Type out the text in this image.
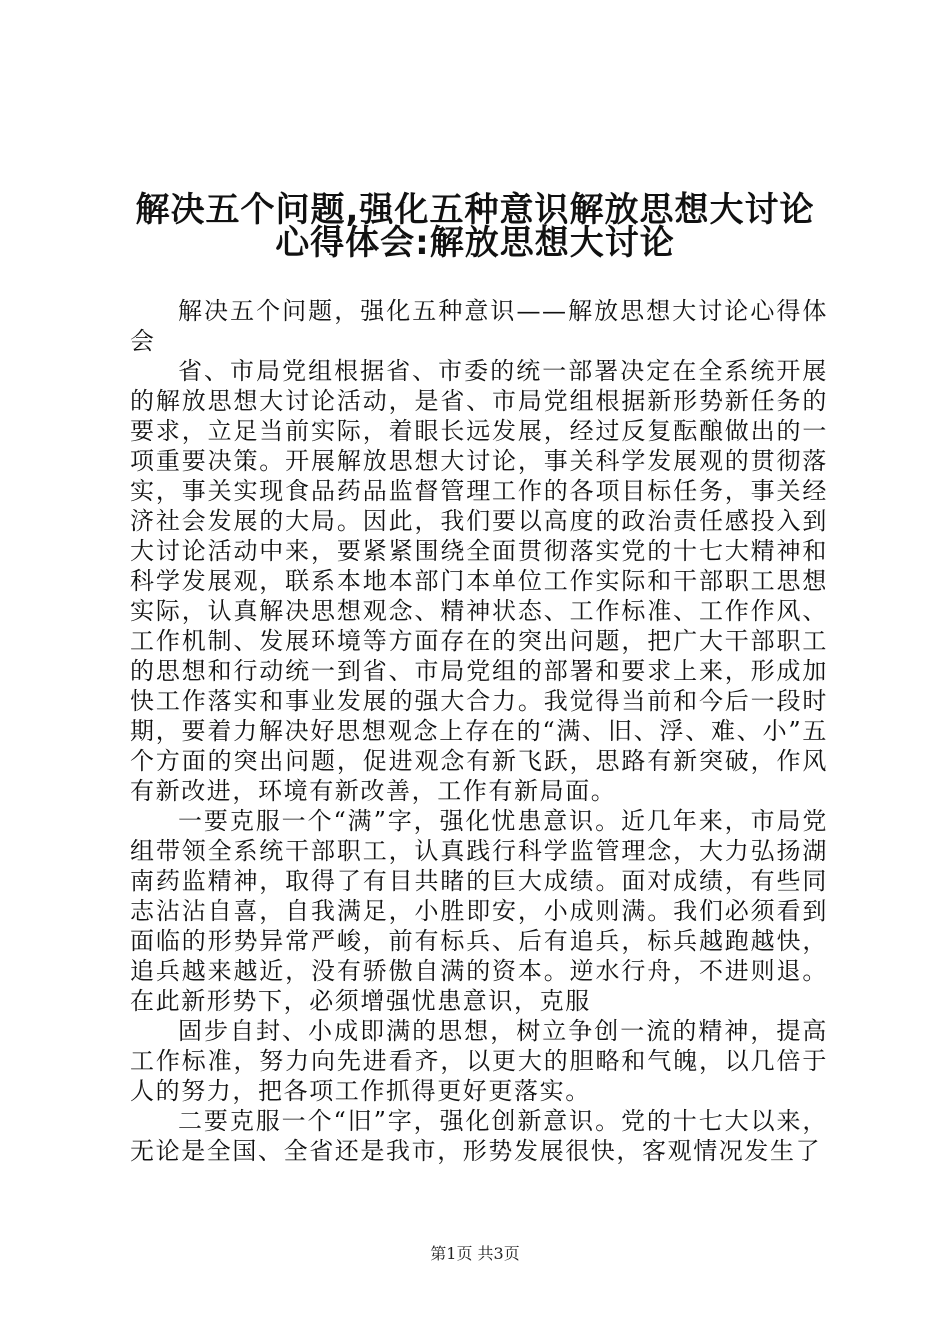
解决五个问题,强化五种意识解放思想大讨论
心得体会:解放思想大讨论

解决五个问题，强化五种意识——解放思想大讨论心得体会

省、市局党组根据省、市委的统一部署决定在全系统开展的解放思想大讨论活动，是省、市局党组根据新形势新任务的要求，立足当前实际，着眼长远发展，经过反复酝酿做出的一项重要决策。开展解放思想大讨论，事关科学发展观的贯彻落实，事关实现食品药品监督管理工作的各项目标任务，事关经济社会发展的大局。因此，我们要以高度的政治责任感投入到大讨论活动中来，要紧紧围绕全面贯彻落实党的十七大精神和科学发展观，联系本地本部门本单位工作实际和干部职工思想实际，认真解决思想观念、精神状态、工作标准、工作作风、工作机制、发展环境等方面存在的突出问题，把广大干部职工的思想和行动统一到省、市局党组的部署和要求上来，形成加快工作落实和事业发展的强大合力。我觉得当前和今后一段时期，要着力解决好思想观念上存在的“满、旧、浮、难、小”五个方面的突出问题，促进观念有新飞跃，思路有新突破，作风有新改进，环境有新改善，工作有新局面。

一要克服一个“满”字，强化忧患意识。近几年来，市局党组带领全系统干部职工，认真践行科学监管理念，大力弘扬湖南药监精神，取得了有目共睹的巨大成绩。面对成绩，有些同志沾沾自喜，自我满足，小胜即安，小成则满。我们必须看到面临的形势异常严峻，前有标兵、后有追兵，标兵越跑越快，追兵越来越近，没有骄傲自满的资本。逆水行舟，不进则退。在此新形势下，必须增强忧患意识，克服

固步自封、小成即满的思想，树立争创一流的精神，提高工作标准，努力向先进看齐，以更大的胆略和气魄，以几倍于人的努力，把各项工作抓得更好更落实。

二要克服一个“旧”字，强化创新意识。党的十七大以来，无论是全国、全省还是我市，形势发展很快，客观情况发生了

第1页 共3页
